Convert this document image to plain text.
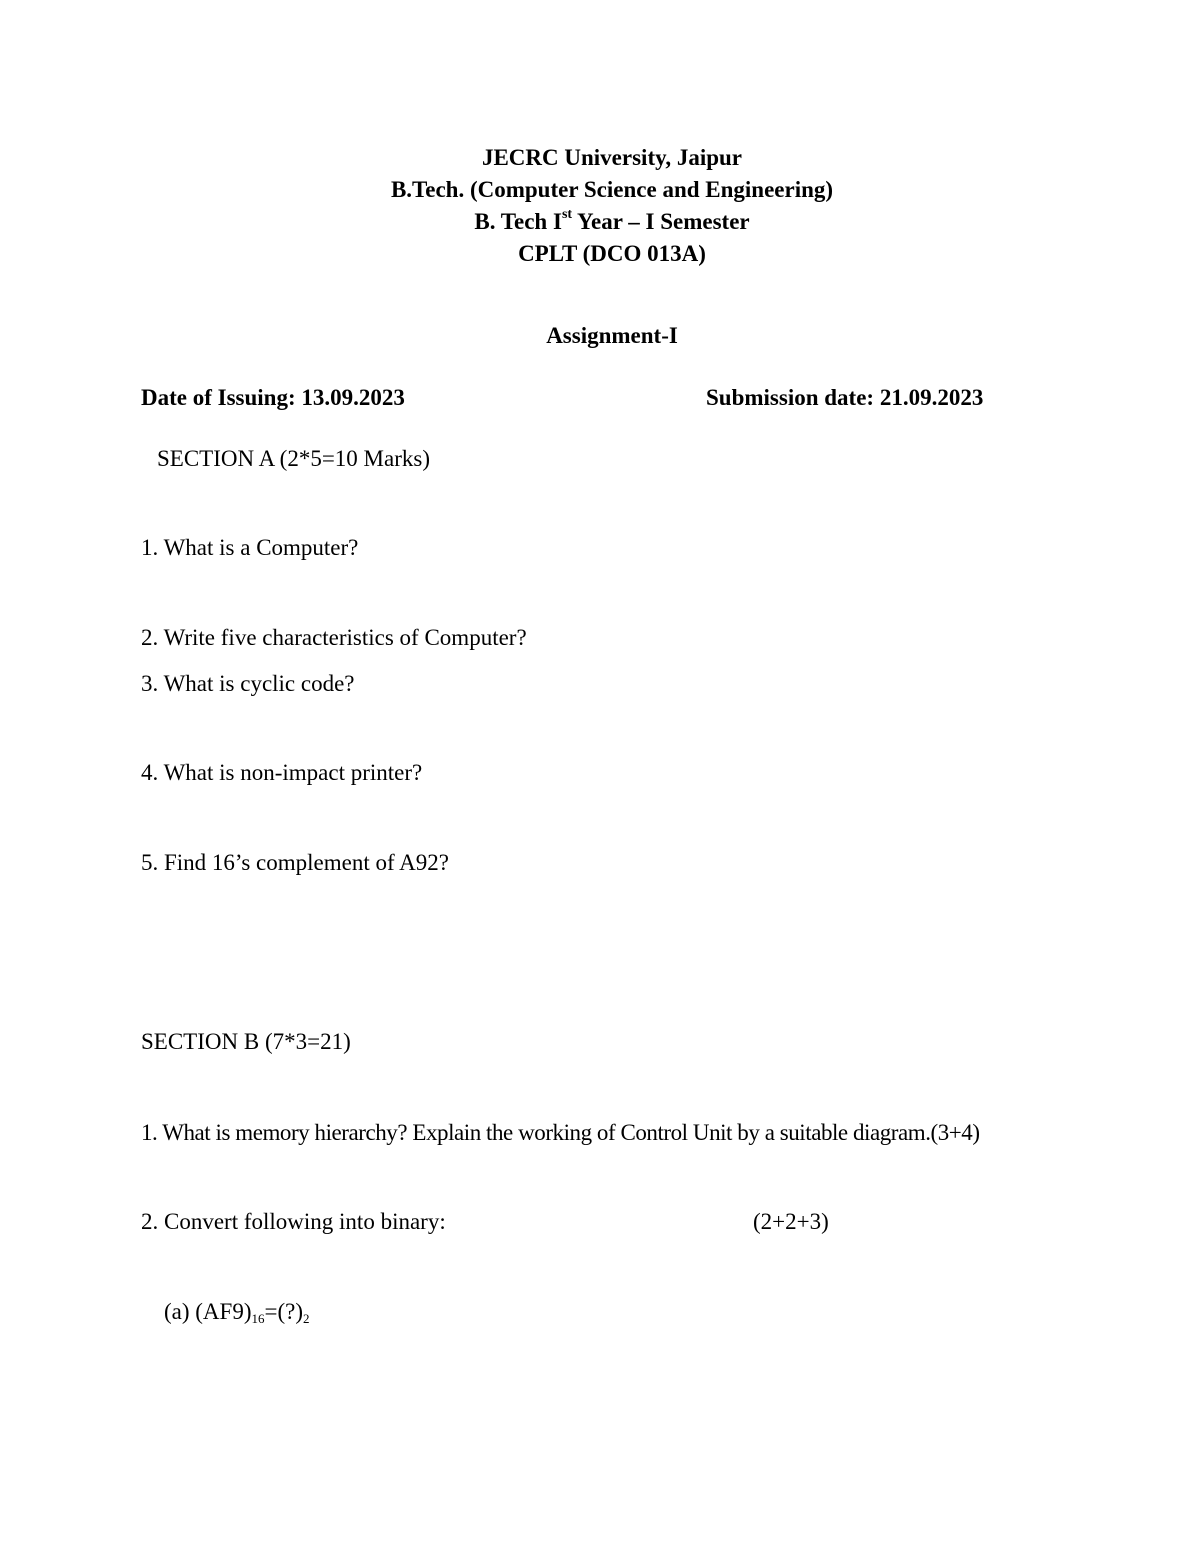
JECRC University, Jaipur
B.Tech. (Computer Science and Engineering)
B. Tech Ist Year – I Semester
CPLT (DCO 013A)
Assignment-I
Date of Issuing: 13.09.2023	Submission date: 21.09.2023
SECTION A (2*5=10 Marks)
1. What is a Computer?
2. Write five characteristics of Computer?
3. What is cyclic code?
4. What is non-impact printer?
5. Find 16’s complement of A92?
SECTION B (7*3=21)
1. What is memory hierarchy? Explain the working of Control Unit by a suitable diagram.(3+4)
2. Convert following into binary:	(2+2+3)
(a) $(AF9)_{16}=(?)_2$
